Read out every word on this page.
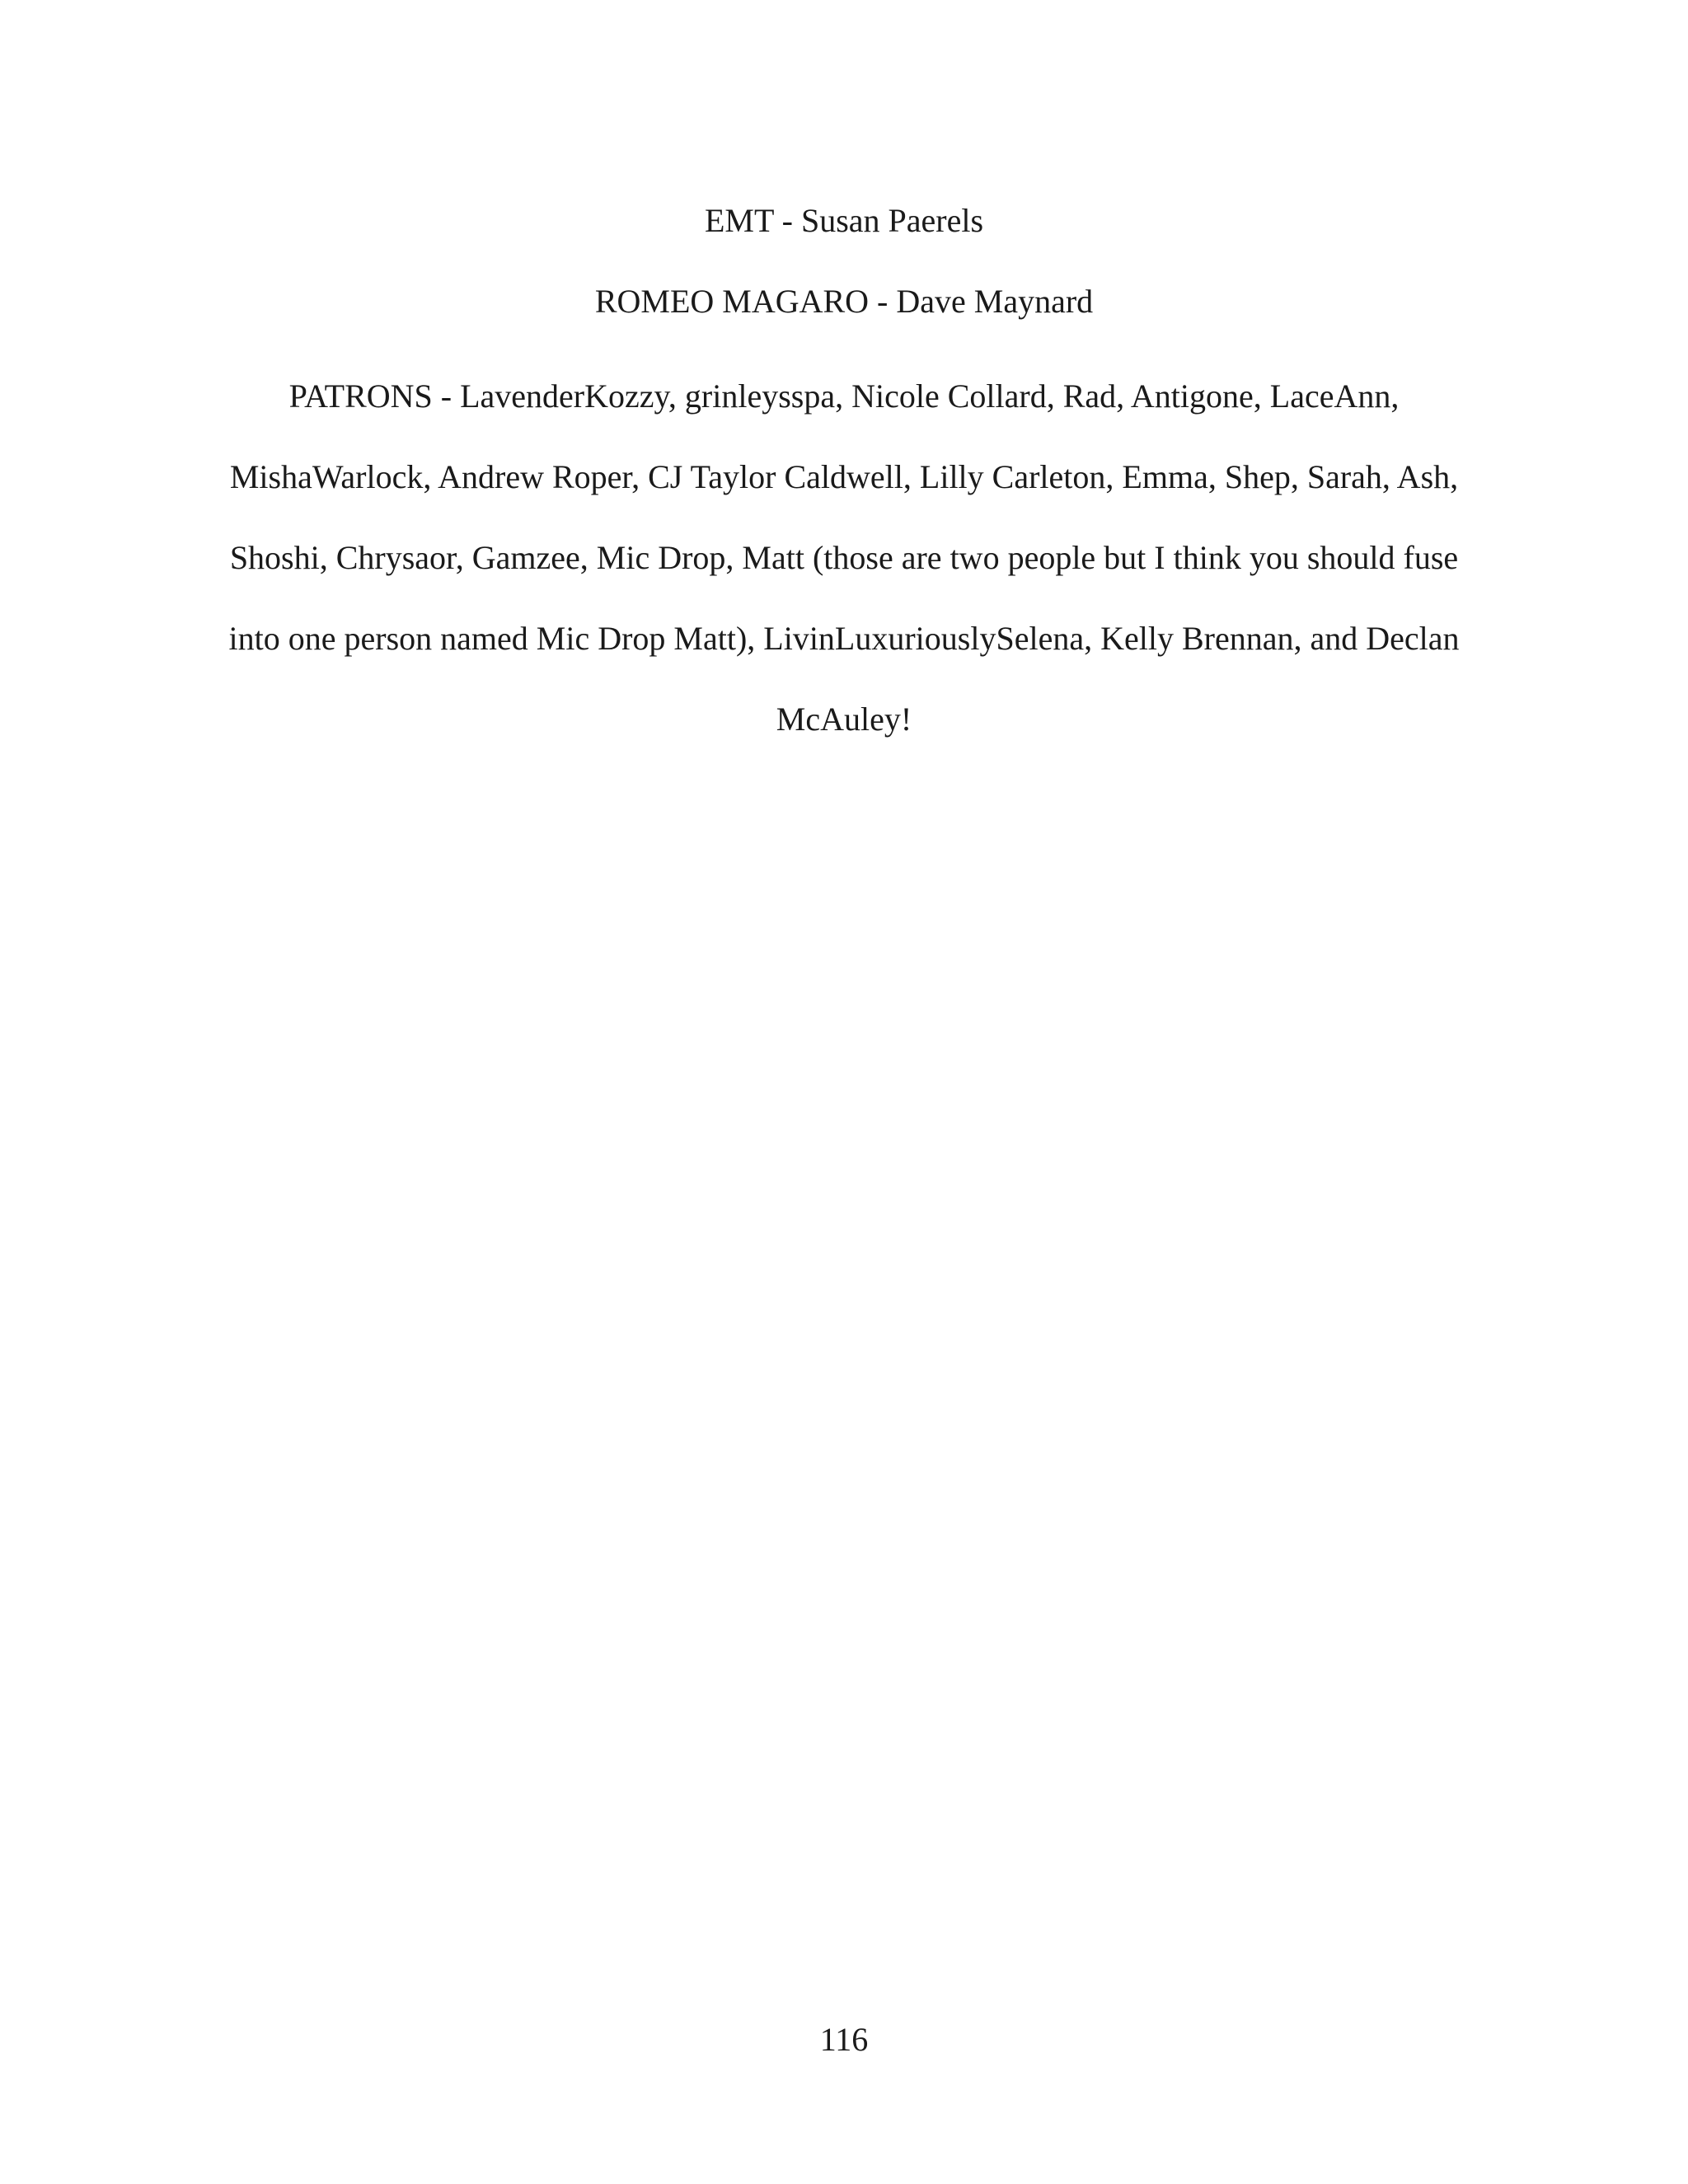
EMT - Susan Paerels

ROMEO MAGARO - Dave Maynard

PATRONS - LavenderKozzy, grinleysspa, Nicole Collard, Rad, Antigone, LaceAnn, MishaWarlock, Andrew Roper, CJ Taylor Caldwell, Lilly Carleton, Emma, Shep, Sarah, Ash, Shoshi, Chrysaor, Gamzee, Mic Drop, Matt (those are two people but I think you should fuse into one person named Mic Drop Matt), LivinLuxuriouslySelena, Kelly Brennan, and Declan McAuley!

116
